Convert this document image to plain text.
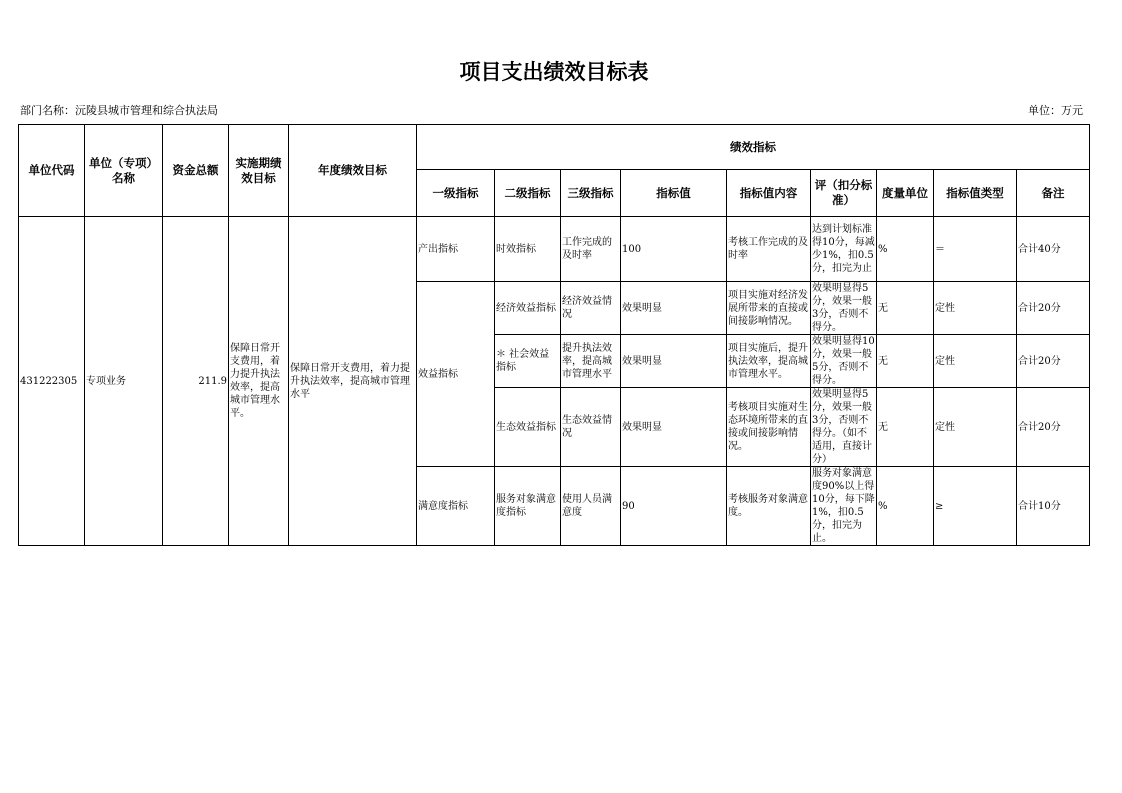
项目支出绩效目标表
部门名称：沅陵县城市管理和综合执法局	单位：万元
单位代码	单位（专项）名称	资金总额	实施期绩效目标	年度绩效目标	绩效指标								
					一级指标	二级指标	三级指标	指标值	指标值内容	评（扣分标准）	度量单位	指标值类型	备注
431222305	专项业务	211.9	保障日常开支费用，着力提升执法效率，提高城市管理水平。	保障日常开支费用，着力提升执法效率，提高城市管理水平	产出指标	时效指标	工作完成的及时率	100	考核工作完成的及时率	达到计划标准得10分，每减少1%，扣0.5分，扣完为止	%	＝	合计40分
					效益指标	经济效益指标	经济效益情况	效果明显	项目实施对经济发展所带来的直接或间接影响情况。	效果明显得5分，效果一般3分，否则不得分。	无	定性	合计20分
						＊ 社会效益指标	提升执法效率，提高城市管理水平	效果明显	项目实施后，提升执法效率，提高城市管理水平。	效果明显得10分，效果一般5分，否则不得分。	无	定性	合计20分
						生态效益指标	生态效益情况	效果明显	考核项目实施对生态环境所带来的直接或间接影响情况。	效果明显得5分，效果一般3分，否则不得分。（如不适用，直接计分）	无	定性	合计20分
					满意度指标	服务对象满意度指标	使用人员满意度	90	考核服务对象满意度。	服务对象满意度90%以上得10分，每下降1%，扣0.5分，扣完为止。	%	≥	合计10分
